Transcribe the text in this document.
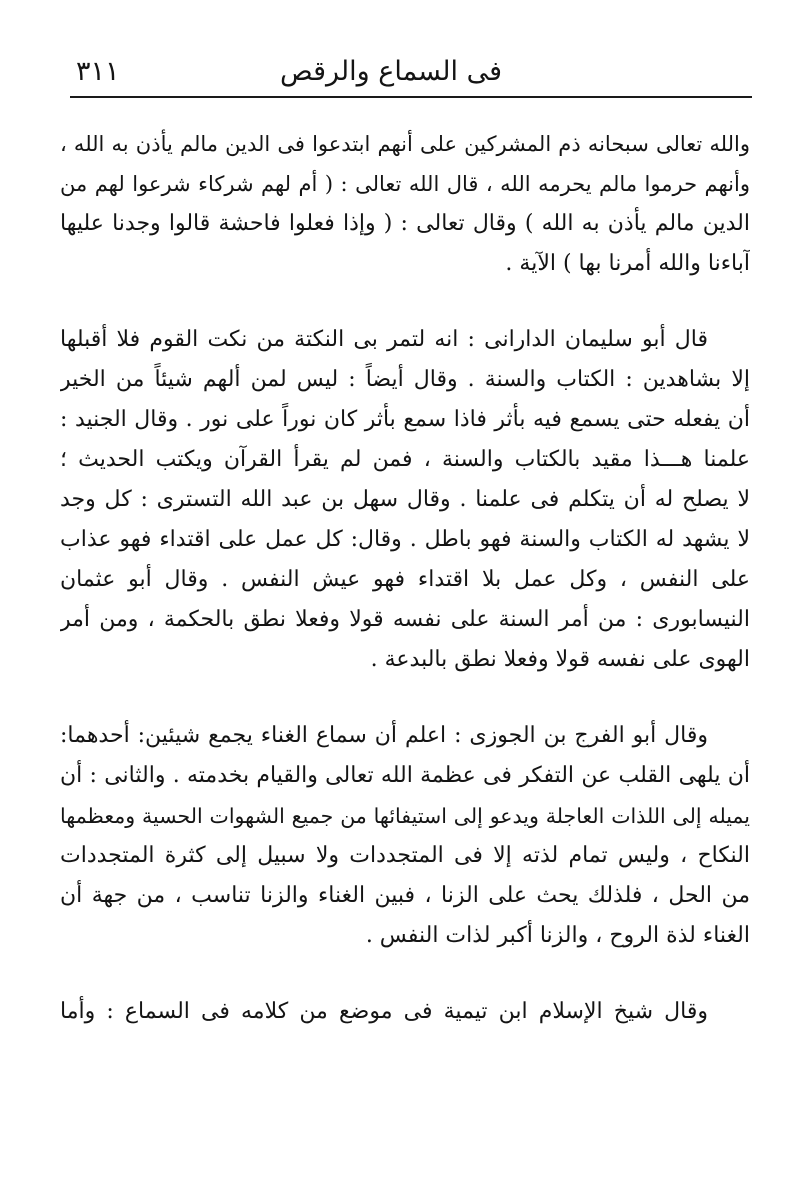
فى السماع والرقص
٣١١
والله تعالى سبحانه ذم المشركين على أنهم ابتدعوا فى الدين مالم يأذن به الله ،
وأنهم حرموا مالم يحرمه الله ، قال الله تعالى : ( أم لهم شركاء شرعوا لهم من
الدين مالم يأذن به الله ) وقال تعالى : ( وإذا فعلوا فاحشة قالوا وجدنا عليها
آباءنا والله أمرنا بها ) الآية .
قال أبو سليمان الدارانى : انه لتمر بى النكتة من نكت القوم فلا أقبلها
إلا بشاهدين : الكتاب والسنة . وقال أيضاً : ليس لمن ألهم شيئاً من الخير
أن يفعله حتى يسمع فيه بأثر فاذا سمع بأثر كان نوراً على نور . وقال الجنيد :
علمنا هـــذا مقيد بالكتاب والسنة ، فمن لم يقرأ القرآن ويكتب الحديث ؛
لا يصلح له أن يتكلم فى علمنا . وقال سهل بن عبد الله التسترى : كل وجد
لا يشهد له الكتاب والسنة فهو باطل . وقال: كل عمل على اقتداء فهو عذاب
على النفس ، وكل عمل بلا اقتداء فهو عيش النفس . وقال أبو عثمان
النيسابورى : من أمر السنة على نفسه قولا وفعلا نطق بالحكمة ، ومن أمر
الهوى على نفسه قولا وفعلا نطق بالبدعة .
وقال أبو الفرج بن الجوزى : اعلم أن سماع الغناء يجمع شيئين: أحدهما:
أن يلهى القلب عن التفكر فى عظمة الله تعالى والقيام بخدمته . والثانى : أن
يميله إلى اللذات العاجلة ويدعو إلى استيفائها من جميع الشهوات الحسية ومعظمها
النكاح ، وليس تمام لذته إلا فى المتجددات ولا سبيل إلى كثرة المتجددات
من الحل ، فلذلك يحث على الزنا ، فبين الغناء والزنا تناسب ، من جهة أن
الغناء لذة الروح ، والزنا أكبر لذات النفس .
وقال شيخ الإسلام ابن تيمية فى موضع من كلامه فى السماع : وأما
